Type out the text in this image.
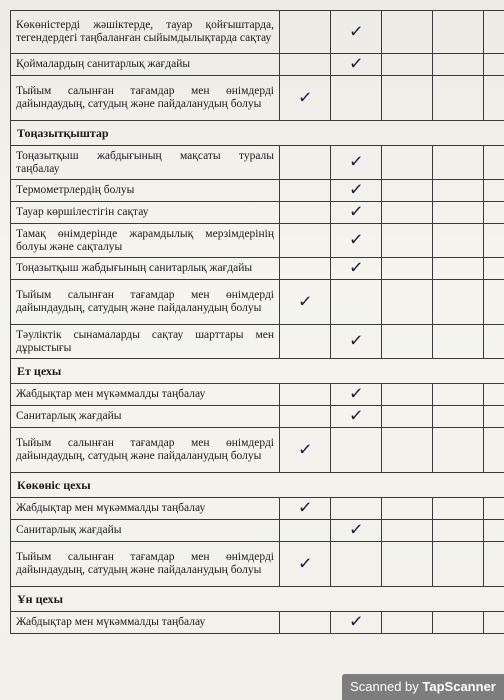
Көкөністерді жәшіктерде, тауар қойғыштарда, тегендердегі таңбаланған сыйымдылықтарда сақтау		✓			
Қоймалардың санитарлық жағдайы		✓			
Тыйым салынған тағамдар мен өнімдерді дайындаудың, сатудың және пайдаланудың болуы	✓				
Тоңазытқыштар					
Тоңазытқыш жабдығының мақсаты туралы таңбалау		✓			
Термометрлердің болуы		✓			
Тауар көршілестігін сақтау		✓			
Тамақ өнімдерінде жарамдылық мерзімдерінің болуы және сақталуы		✓			
Тоңазытқыш жабдығының санитарлық жағдайы		✓			
Тыйым салынған тағамдар мен өнімдерді дайындаудың, сатудың және пайдаланудың болуы	✓				
Тәуліктік сынамаларды сақтау шарттары мен дұрыстығы		✓			
Ет цехы					
Жабдықтар мен мүкәммалды таңбалау		✓			
Санитарлық жағдайы		✓			
Тыйым салынған тағамдар мен өнімдерді дайындаудың, сатудың және пайдаланудың болуы	✓				
Көкөніс цехы					
Жабдықтар мен мүкәммалды таңбалау	✓				
Санитарлық жағдайы		✓			
Тыйым салынған тағамдар мен өнімдерді дайындаудың, сатудың және пайдаланудың болуы	✓				
Ұн цехы					
Жабдықтар мен мүкәммалды таңбалау		✓			
Scanned by TapScanner
